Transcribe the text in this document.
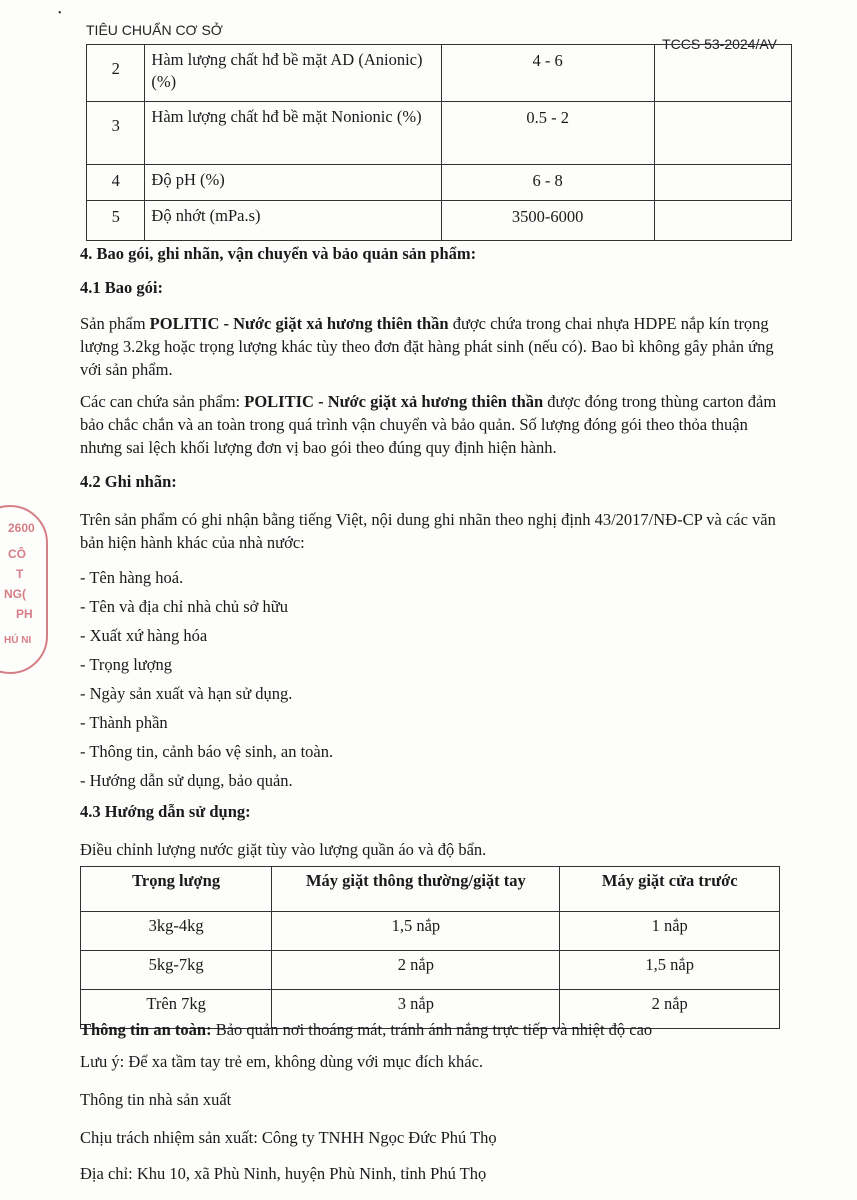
TIÊU CHUẨN CƠ SỞ
TCCS 53-2024/AV
•
2	Hàm lượng chất hđ bề mặt AD (Anionic) (%)	4 - 6	
3	Hàm lượng chất hđ bề mặt Nonionic (%)	0.5 - 2	
4	Độ pH (%)	6 - 8	
5	Độ nhớt (mPa.s)	3500-6000	

4. Bao gói, ghi nhãn, vận chuyển và bảo quản sản phẩm:

4.1 Bao gói:

Sản phẩm POLITIC - Nước giặt xả hương thiên thần được chứa trong chai nhựa HDPE nắp kín trọng lượng 3.2kg hoặc trọng lượng khác tùy theo đơn đặt hàng phát sinh (nếu có). Bao bì không gây phản ứng với sản phẩm.

Các can chứa sản phẩm: POLITIC - Nước giặt xả hương thiên thần được đóng trong thùng carton đảm bảo chắc chắn và an toàn trong quá trình vận chuyển và bảo quản. Số lượng đóng gói theo thỏa thuận nhưng sai lệch khối lượng đơn vị bao gói theo đúng quy định hiện hành.

4.2 Ghi nhãn:

Trên sản phẩm có ghi nhận bằng tiếng Việt, nội dung ghi nhãn theo nghị định 43/2017/NĐ-CP và các văn bản hiện hành khác của nhà nước:

- Tên hàng hoá.

- Tên và địa chỉ nhà chủ sở hữu

- Xuất xứ hàng hóa

- Trọng lượng

- Ngày sản xuất và hạn sử dụng.

- Thành phần

- Thông tin, cảnh báo vệ sinh, an toàn.

- Hướng dẫn sử dụng, bảo quản.

4.3 Hướng dẫn sử dụng:

Điều chỉnh lượng nước giặt tùy vào lượng quần áo và độ bẩn.

Trọng lượng	Máy giặt thông thường/giặt tay	Máy giặt cửa trước
3kg-4kg	1,5 nắp	1 nắp
5kg-7kg	2 nắp	1,5 nắp
Trên 7kg	3 nắp	2 nắp

Thông tin an toàn: Bảo quản nơi thoáng mát, tránh ánh nắng trực tiếp và nhiệt độ cao

Lưu ý: Để xa tầm tay trẻ em, không dùng với mục đích khác.

Thông tin nhà sản xuất

Chịu trách nhiệm sản xuất: Công ty TNHH Ngọc Đức Phú Thọ

Địa chỉ: Khu 10, xã Phù Ninh, huyện Phù Ninh, tỉnh Phú Thọ

2600
CÔ
T
NG(
PH
HÚ NI
